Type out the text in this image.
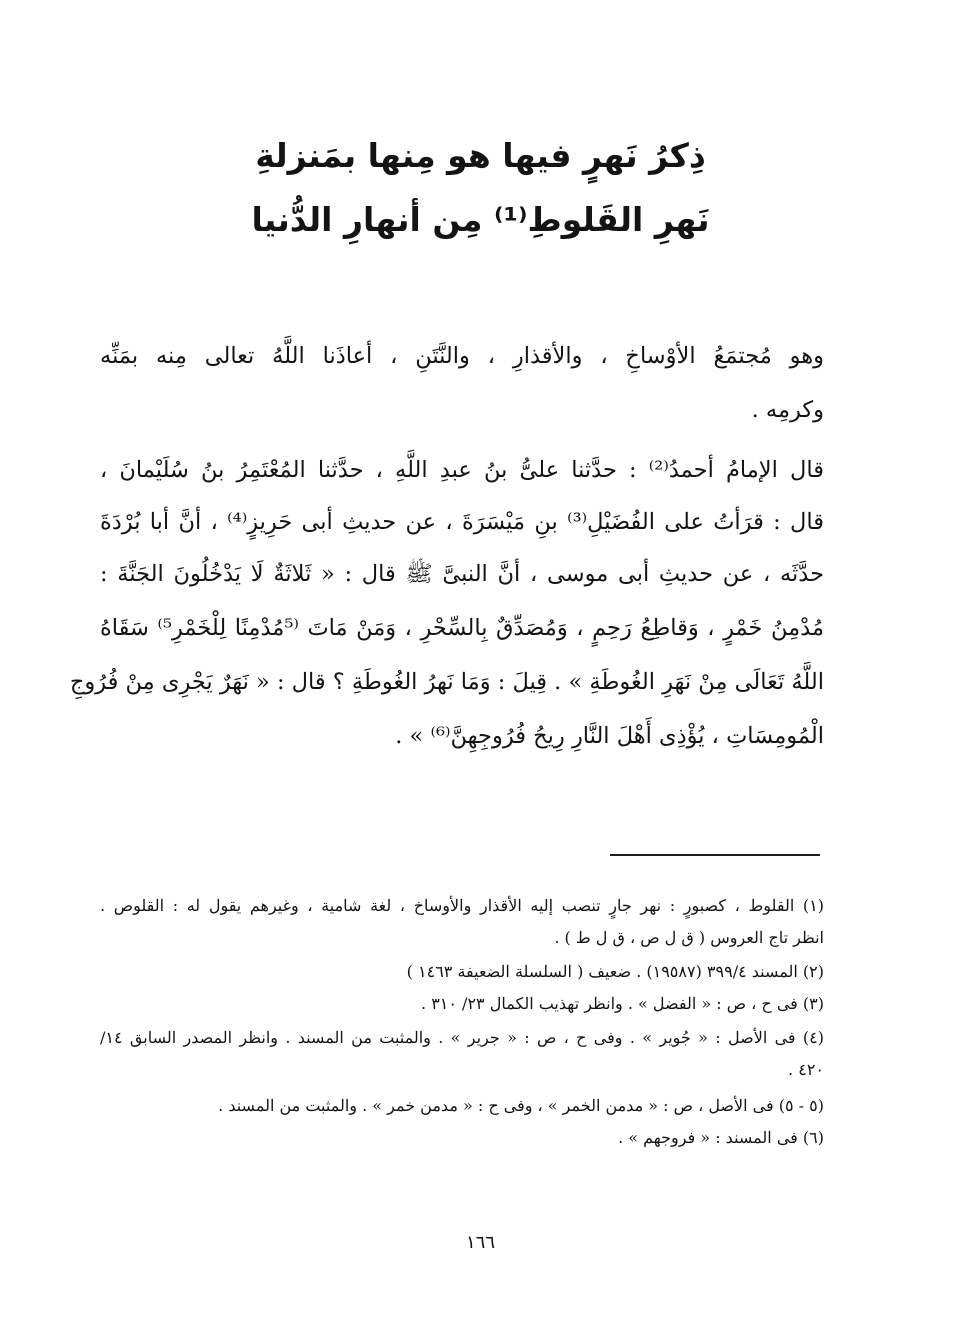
ذِكرُ نَهرٍ فيها هو مِنها بمَنزلةِ
نَهرِ القَلوطِ⁽¹⁾ مِن أنهارِ الدُّنيا
وهو مُجتمَعُ الأوْساخِ ، والأقذارِ ، والنَّتَنِ ، أعاذَنا اللَّهُ تعالى مِنه بمَنِّه
وكرمِه .
قال الإمامُ أحمدُ⁽²⁾ : حدَّثنا علىُّ بنُ عبدِ اللَّهِ ، حدَّثنا المُعْتَمِرُ بنُ سُلَيْمانَ ،
قال : قرَأتُ على الفُضَيْلِ⁽³⁾ بنِ مَيْسَرَةَ ، عن حديثِ أبى حَرِيزٍ⁽⁴⁾ ، أنَّ أبا بُرْدَةَ
حدَّثَه ، عن حديثِ أبى موسى ، أنَّ النبىَّ ﷺ قال : « ثَلاثَةٌ لَا يَدْخُلُونَ الجَنَّةَ :
مُدْمِنُ خَمْرٍ ، وَقاطِعُ رَحِمٍ ، وَمُصَدِّقٌ بِالسِّحْرِ ، وَمَنْ مَاتَ ⁽⁵مُدْمِنًا لِلْخَمْرِ⁵⁾ سَقَاهُ
اللَّهُ تَعَالَى مِنْ نَهَرِ الغُوطَةِ » . قِيلَ : وَمَا نَهرُ الغُوطَةِ ؟ قال : « نَهَرٌ يَجْرِى مِنْ فُرُوجِ
الْمُومِسَاتِ ، يُؤْذِى أَهْلَ النَّارِ رِيحُ فُرُوجِهِنَّ⁽⁶⁾ » .
(١) القلوط ، كصبورٍ : نهر جارٍ تنصب إليه الأقذار والأوساخ ، لغة شامية ، وغيرهم يقول له : القلوص .
انظر تاج العروس ( ق ل ص ، ق ل ط ) .
(٢) المسند ٣٩٩/٤ (١٩٥٨٧) . ضعيف ( السلسلة الضعيفة ١٤٦٣ )
(٣) فى ح ، ص : « الفضل » . وانظر تهذيب الكمال ٢٣/ ٣١٠ .
(٤) فى الأصل : « جُوير » . وفى ح ، ص : « جرير » . والمثبت من المسند . وانظر المصدر السابق ١٤/
٤٢٠ .
(٥ - ٥) فى الأصل ، ص : « مدمن الخمر » ، وفى ح : « مدمن خمر » . والمثبت من المسند .
(٦) فى المسند : « فروجهم » .
١٦٦
